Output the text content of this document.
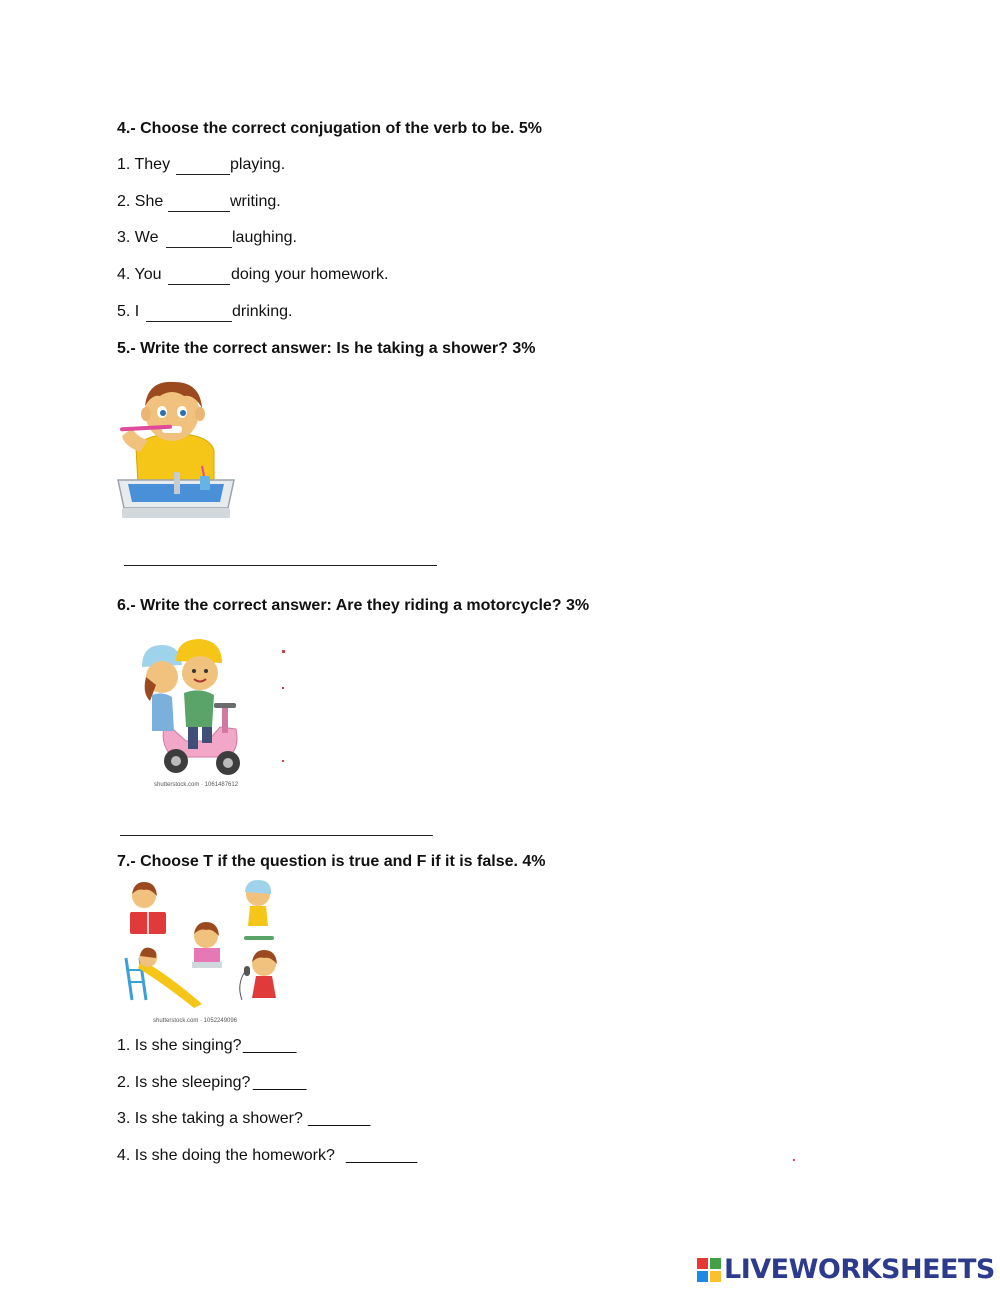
4.- Choose the correct conjugation of the verb to be. 5%
1. They	playing.
2. She	writing.
3. We	laughing.
4. You	doing your homework.
5. I	drinking.
5.- Write the correct answer: Is he taking a shower? 3%
6.- Write the correct answer: Are they riding a motorcycle? 3%
shutterstock.com · 1061487612
7.- Choose T if the question is true and F if it is false. 4%
shutterstock.com · 1052249096
1. Is she singing? ______
2. Is she sleeping? ______
3. Is she taking a shower? _______
4. Is she doing the homework? ________
LIVEWORKSHEETS
